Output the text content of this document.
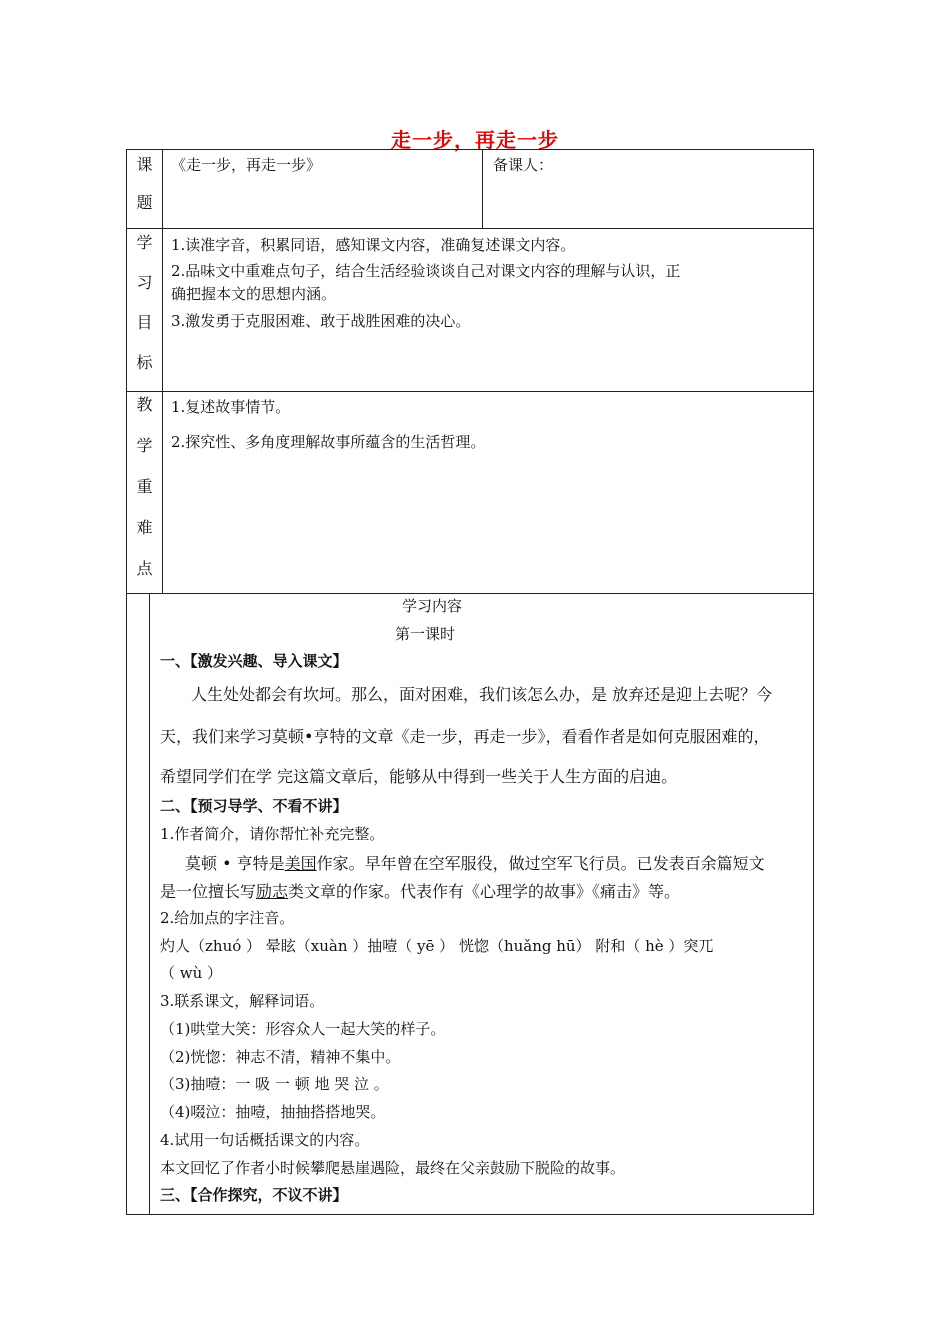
走一步，再走一步
课
题
《走一步，再走一步》	备课人：
学
习
目
标
1.读准字音，积累同语，感知课文内容，准确复述课文内容。
2.品味文中重难点句子，结合生活经验谈谈自己对课文内容的理解与认识，正
确把握本文的思想内涵。
3.激发勇于克服困难、敢于战胜困难的决心。
教
学
重
难
点
1.复述故事情节。
2.探究性、多角度理解故事所蕴含的生活哲理。
学习内容
第一课时
一、【激发兴趣、导入课文】
人生处处都会有坎坷。那么，面对困难，我们该怎么办，是 放弃还是迎上去呢？今
天，我们来学习莫顿•亨特的文章《走一步，再走一步》，看看作者是如何克服困难的，
希望同学们在学 完这篇文章后，能够从中得到一些关于人生方面的启迪。
二、【预习导学、不看不讲】
1.作者简介，请你帮忙补充完整。
莫顿 • 亨特是美国作家。早年曾在空军服役，做过空军飞行员。已发表百余篇短文
是一位擅长写励志类文章的作家。代表作有《心理学的故事》《痛击》等。
2.给加点的字注音。
灼人（zhuó ） 晕眩（xuàn ）抽噎（ yē ） 恍惚（huǎng hū） 附和（ hè ）突兀
（ wù ）
3.联系课文，解释词语。
（1)哄堂大笑：形容众人一起大笑的样子。
（2)恍惚：神志不清，精神不集中。
（3)抽噎：一 吸 一 顿 地 哭 泣 。
（4)啜泣：抽噎，抽抽搭搭地哭。
4.试用一句话概括课文的内容。
本文回忆了作者小时候攀爬悬崖遇险，最终在父亲鼓励下脱险的故事。
三、【合作探究，不议不讲】
